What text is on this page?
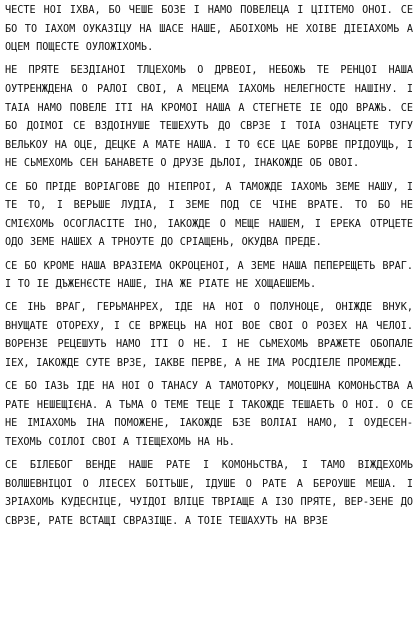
ЧЕСТЕ НОІ ІХВА, БО ЧЕШЕ БОЗЕ І НАМО ПОВЕЛЕЦА І ЦІІТЕМО ОНОІ. СЕ БО ТО ІАХОМ ОУКАЗІЦУ НА ШАСЕ НАШЕ, АБОІХОМЬ НЕ ХОІВЕ ДІЕІАХОМЬ А ОЦЕМ ПОЩЕСТЕ ОУЛОЖІХОМЬ.

НЕ ПРЯТЕ БЕЗДІАНОІ ТЛЦЕХОМЬ О ДРВЕОІ, НЕБОЖЬ ТЕ РЕНЦОІ НАША ОУТРЕНЖДЕНА О РАЛОІ СВОІ, А МЕЦЕМА ІАХОМЬ НЕЛЕГНОСТЕ НАШІНУ. І ТАІА НАМО ПОВЕЛЕ ІТІ НА КРОМОІ НАША А СТЕГНЕТЕ ІЕ ОДО ВРАЖЬ. СЕ БО ДОІМОІ СЕ ВЗДОІНУШЕ ТЕШЕХУТЬ ДО СВРЗЕ І ТОІА ОЗНАЦЕТЕ ТУГУ ВЕЛЬКОУ НА ОЦЕ, ДЕЦКЕ А МАТЕ НАША. І ТО ЄСЕ ЦАЕ БОРВЕ ПРІДОУЩЬ, І НЕ СЬМЕХОМЬ СЕН БАНАВЕТЕ О ДРУЗЕ ДЬЛОІ, ІНАКОЖДЕ ОБ ОВОІ.

СЕ БО ПРІДЕ ВОРІАГОВЕ ДО НІЕПРОІ, А ТАМОЖДЕ ІАХОМЬ ЗЕМЕ НАШУ, І ТЕ ТО, І ВЕРЬШЕ ЛУДІА, І ЗЕМЕ ПОД СЕ ЧІНЕ ВРАТЕ. ТО БО НЕ СМІЄХОМЬ ОСОГЛАСІТЕ ІНО, ІАКОЖДЕ О МЕЩЕ НАШЕМ, І ЕРЕКА ОТРЦЕТЕ ОДО ЗЕМЕ НАШЕХ А ТРНОУТЕ ДО СРІАЩЕНЬ, ОКУДВА ПРЕДЕ.

СЕ БО КРОМЕ НАША ВРАЗІЕМА ОКРОЦЕНОІ, А ЗЕМЕ НАША ПЕПЕРЕЩЕТЬ ВРАГ. І ТО ІЕ ДЪЖЕНЄСТЕ НАШЕ, ІНА ЖЕ РІАТЕ НЕ ХОЩАЕШЕМЬ.

СЕ ІНЬ ВРАГ, ГЕРЬМАНРЕХ, ІДЕ НА НОІ О ПОЛУНОЦЕ, ОНІЖДЕ ВНУК, ВНУЩАТЕ ОТОРЕХУ, І СЕ ВРЖЕЦЬ НА НОІ ВОЕ СВОІ О РОЗЕХ НА ЧЕЛОІ. ВОРЕНЗЕ РЕЦЕШУТЬ НАМО ІТІ О НЕ. І НЕ СЬМЕХОМЬ ВРАЖЕТЕ ОБОПАЛЕ ІЕХ, ІАКОЖДЕ СУТЕ ВРЗЕ, ІАКВЕ ПЕРВЕ, А НЕ ІМА РОСДІЕЛЕ ПРОМЕЖДЕ.

СЕ БО ІАЗЬ ІДЕ НА НОІ О ТАНАСУ А ТАМОТОРКУ, МОЦЕШНА КОМОНЬСТВА А РАТЕ НЕШЕЩІЄНА. А ТЬМА О ТЕМЕ ТЕЦЕ І ТАКОЖДЕ ТЕШАЕТЬ О НОІ. О СЕ НЕ ІМІАХОМЬ ІНА ПОМОЖЕНЕ, ІАКОЖДЕ БЗЕ ВОЛІАІ НАМО, І ОУДЕСЕН-ТЕХОМЬ СОІЛОІ СВОІ А ТІЕЩЕХОМЬ НА НЬ.

СЕ БІЛЕБОГ ВЕНДЕ НАШЕ РАТЕ І КОМОНЬСТВА, І ТАМО ВІЖДЕХОМЬ ВОЛШЕВНІЦОІ О ЛІЕСЕХ БОІТЬШЕ, ІДУШЕ О РАТЕ А БЕРОУШЕ МЕША. І ЗРІАХОМЬ КУДЕСНІЦЕ, ЧУІДОІ ВЛІЦЕ ТВРІАЩЕ А ІЗО ПРЯТЕ, ВЕР-ЗЕНЕ ДО СВРЗЕ, РАТЕ ВСТАЩІ СВРАЗІЩЕ. А ТОІЕ ТЕШАХУТЬ НА ВРЗЕ
